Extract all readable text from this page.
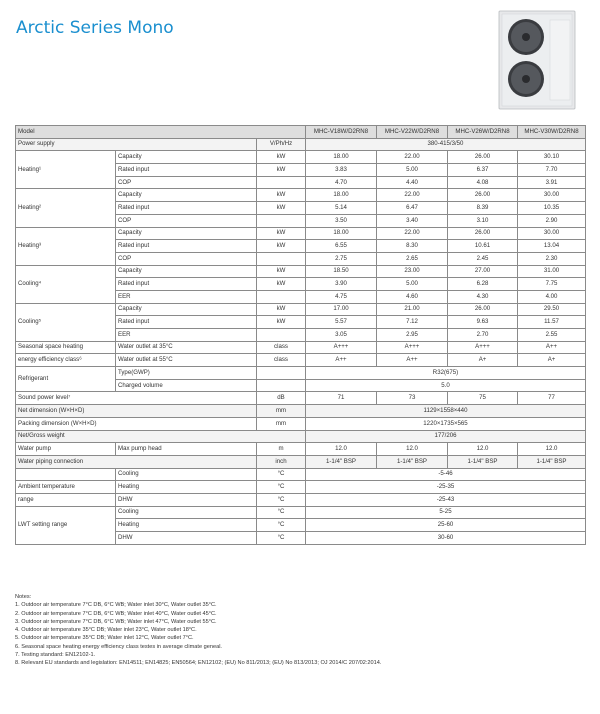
Arctic Series Mono
Model			MHC-V18W/D2RN8	MHC-V22W/D2RN8	MHC-V26W/D2RN8	MHC-V30W/D2RN8
Power supply		V/Ph/Hz	380-415/3/50			
Heating¹	Capacity	kW	18.00	22.00	26.00	30.10
	Rated input	kW	3.83	5.00	6.37	7.70
	COP		4.70	4.40	4.08	3.91
Heating²	Capacity	kW	18.00	22.00	26.00	30.00
	Rated input	kW	5.14	6.47	8.39	10.35
	COP		3.50	3.40	3.10	2.90
Heating³	Capacity	kW	18.00	22.00	26.00	30.00
	Rated input	kW	6.55	8.30	10.61	13.04
	COP		2.75	2.65	2.45	2.30
Cooling⁴	Capacity	kW	18.50	23.00	27.00	31.00
	Rated input	kW	3.90	5.00	6.28	7.75
	EER		4.75	4.60	4.30	4.00
Cooling⁵	Capacity	kW	17.00	21.00	26.00	29.50
	Rated input	kW	5.57	7.12	9.63	11.57
	EER		3.05	2.95	2.70	2.55
Seasonal space heating	Water outlet at 35°C	class	A+++	A+++	A+++	A++
energy efficiency class⁶	Water outlet at 55°C	class	A++	A++	A+	A+
Refrigerant	Type(GWP)		R32(675)			
	Charged volume		5.0			
Sound power level⁷		dB	71	73	75	77
Net dimension (W×H×D)		mm	1129×1558×440			
Packing dimension (W×H×D)		mm	1220×1735×565			
Net/Gross weight			177/206			
Water pump	Max pump head	m	12.0	12.0	12.0	12.0
Water piping connection		inch	1-1/4" BSP	1-1/4" BSP	1-1/4" BSP	1-1/4" BSP
	Cooling	°C	-5-46			
Ambient temperature	Heating	°C	-25-35			
range	DHW	°C	-25-43			
LWT setting range	Cooling	°C	5-25			
	Heating	°C	25-60			
	DHW	°C	30-60			
Notes:
1. Outdoor air temperature 7°C DB, 6°C WB; Water inlet 30°C, Water outlet 35°C.
2. Outdoor air temperature 7°C DB, 6°C WB; Water inlet 40°C, Water outlet 45°C.
3. Outdoor air temperature 7°C DB, 6°C WB; Water inlet 47°C, Water outlet 55°C.
4. Outdoor air temperature 35°C DB; Water inlet 23°C, Water outlet 18°C.
5. Outdoor air temperature 35°C DB; Water inlet 12°C, Water outlet 7°C.
6. Seasonal space heating energy efficiency class testes in average climate geneal.
7. Testing standard: EN12102-1.
8. Relevant EU standards and legislation: EN14511; EN14825; EN50564; EN12102; (EU) No 811/2013; (EU) No 813/2013; OJ 2014/C 207/02:2014.
